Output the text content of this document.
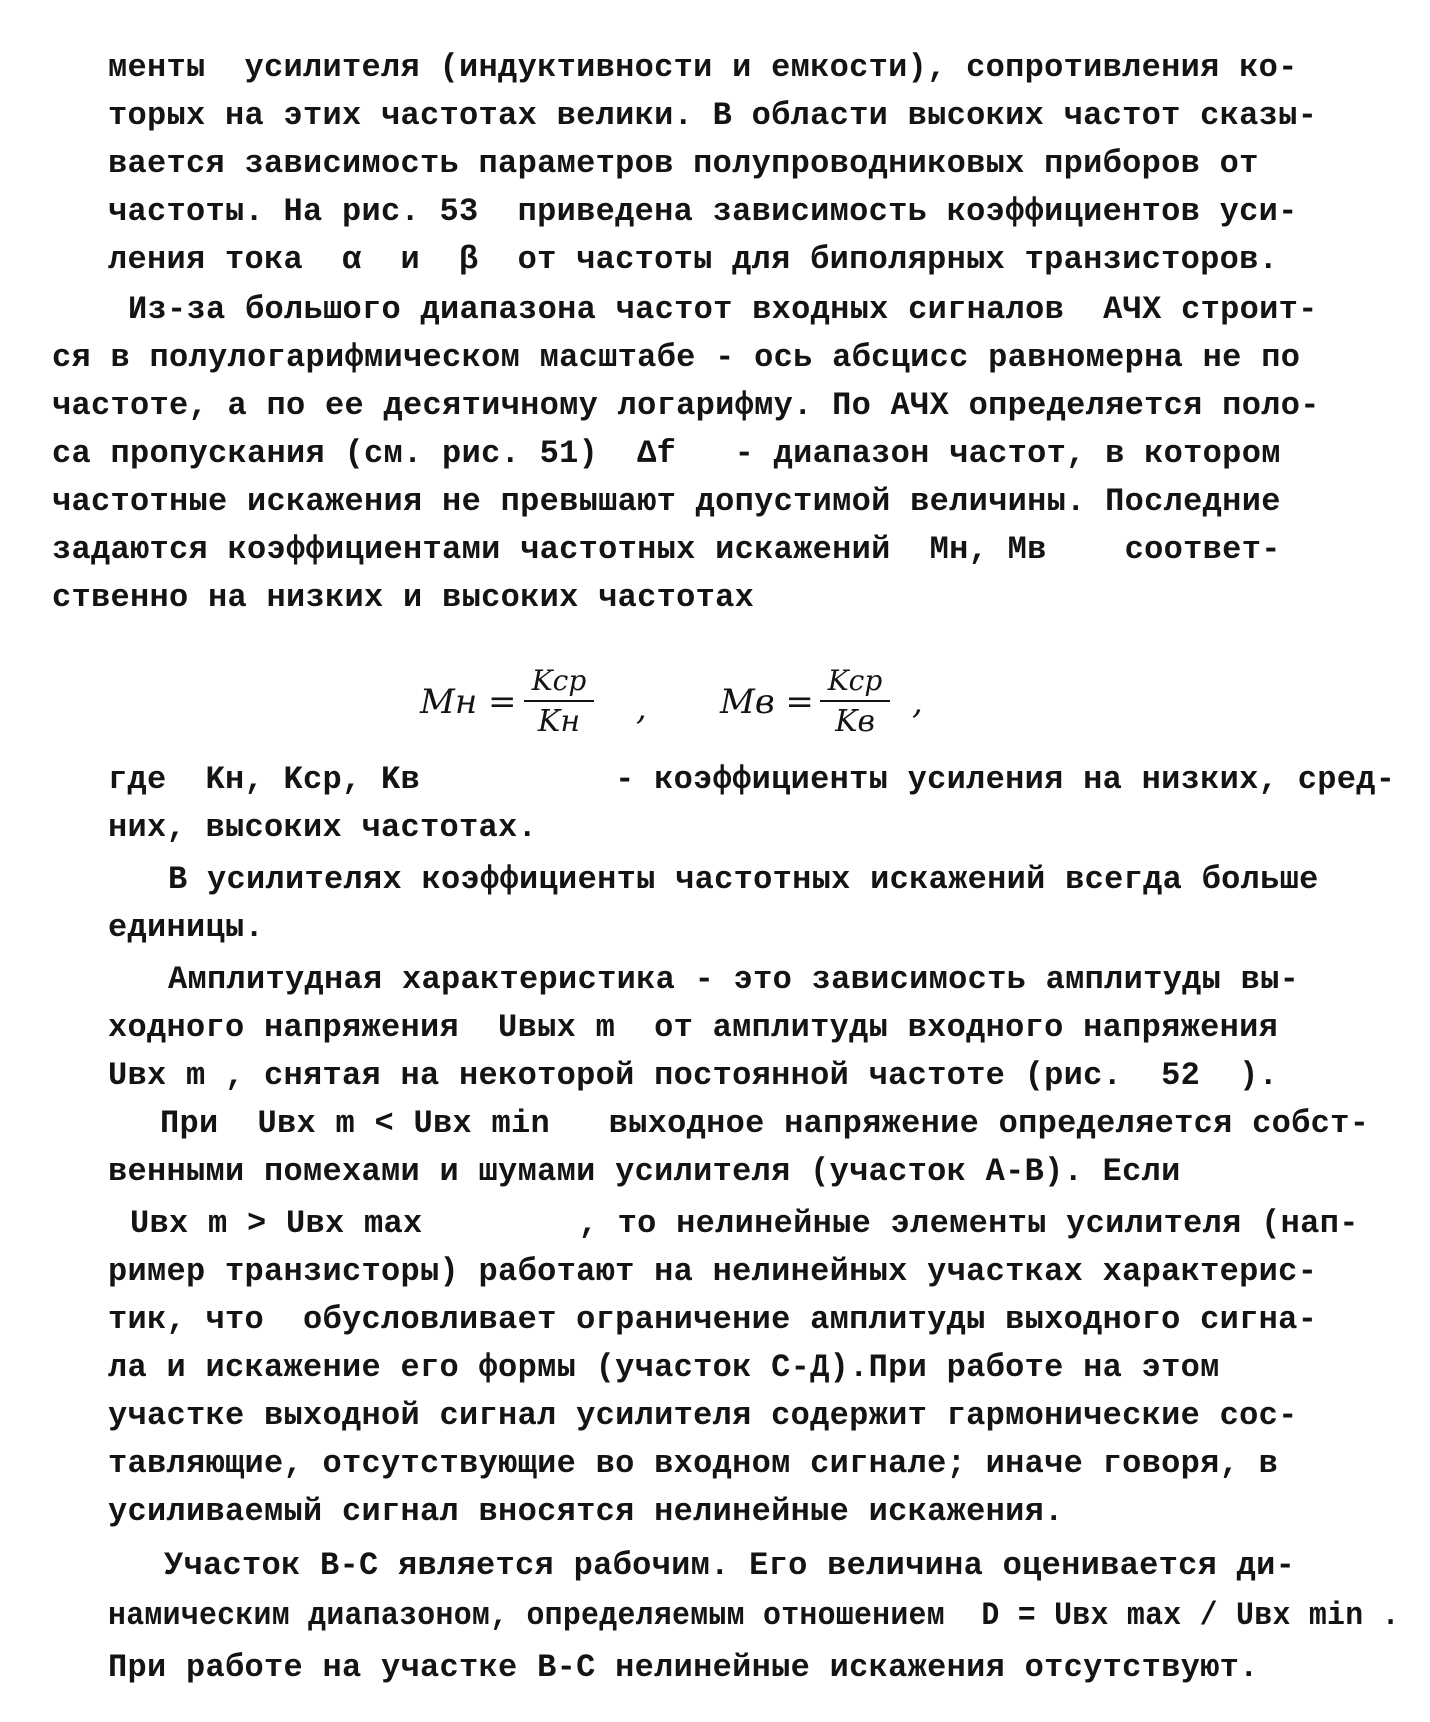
менты  усилителя (индуктивности и емкости), сопротивления ко-
торых на этих частотах велики. В области высоких частот сказы-
вается зависимость параметров полупроводниковых приборов от
частоты. На рис. 53  приведена зависимость коэффициентов уси-
ления тока  α  и  β  от частоты для биполярных транзисторов.
Из-за большого диапазона частот входных сигналов  АЧХ строит-
ся в полулогарифмическом масштабе - ось абсцисс равномерна не по
частоте, а по ее десятичному логарифму. По АЧХ определяется поло-
са пропускания (см. рис. 51)  Δf   - диапазон частот, в котором
частотные искажения не превышают допустимой величины. Последние
задаются коэффициентами частотных искажений  Mн, Mв    соответ-
ственно на низких и высоких частотах
Mн =
Kср
Kн	, Mв =
Kср
Kв	,
где  Kн, Kср, Kв          - коэффициенты усиления на низких, сред-
них, высоких частотах.
В усилителях коэффициенты частотных искажений всегда больше
единицы.
Амплитудная характеристика - это зависимость амплитуды вы-
ходного напряжения  Uвых m  от амплитуды входного напряжения
Uвх m , снятая на некоторой постоянной частоте (рис.  52  ).
При  Uвх m < Uвх min   выходное напряжение определяется собст-
венными помехами и шумами усилителя (участок А-В). Если
Uвх m > Uвх max        , то нелинейные элементы усилителя (нап-
ример транзисторы) работают на нелинейных участках характерис-
тик, что  обусловливает ограничение амплитуды выходного сигна-
ла и искажение его формы (участок С-Д).При работе на этом
участке выходной сигнал усилителя содержит гармонические сос-
тавляющие, отсутствующие во входном сигнале; иначе говоря, в
усиливаемый сигнал вносятся нелинейные искажения.
Участок В-С является рабочим. Его величина оценивается ди-
намическим диапазоном, определяемым отношением  D = Uвх max / Uвх min .
При работе на участке В-С нелинейные искажения отсутствуют.
